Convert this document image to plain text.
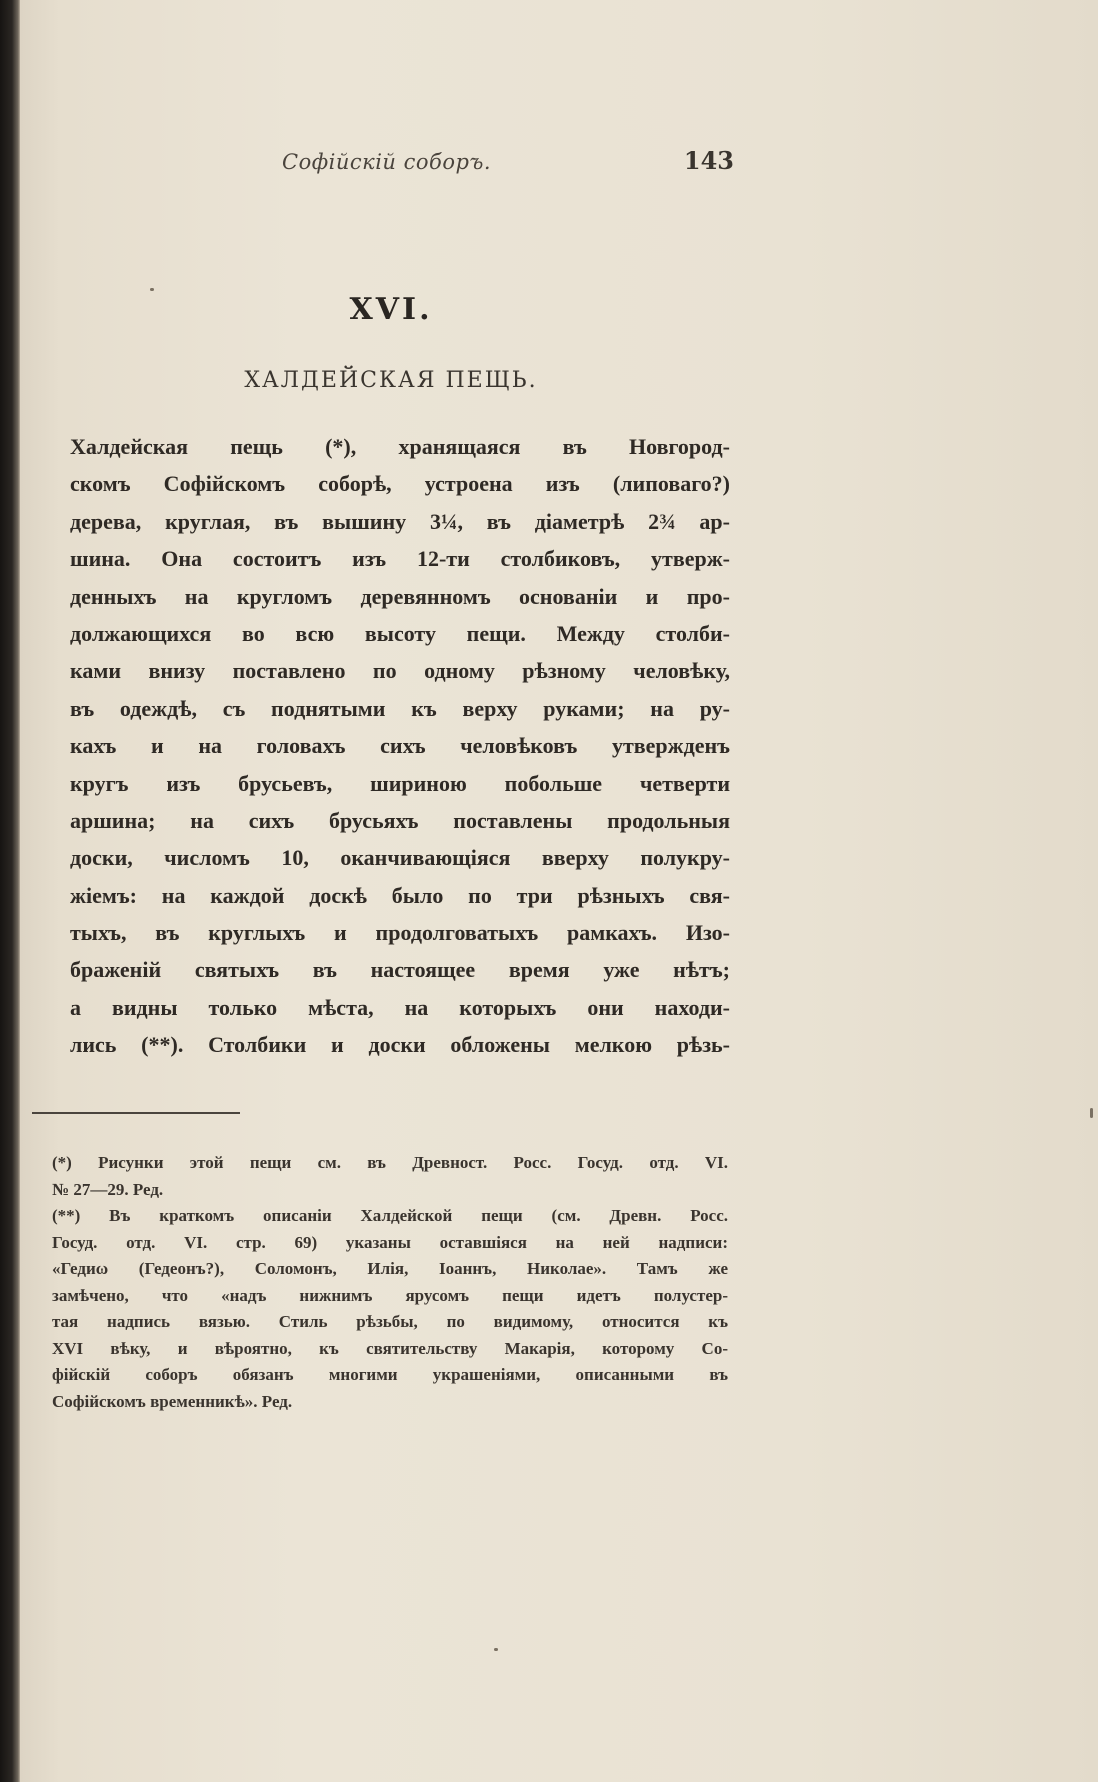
Софійскій соборъ.	143
XVI.
ХАЛДЕЙСКАЯ ПЕЩЬ.
Халдейская пещь (*), хранящаяся въ Новгород-
скомъ Софійскомъ соборѣ, устроена изъ (липоваго?)
дерева, круглая, въ вышину 3¼, въ діаметрѣ 2¾ ар-
шина. Она состоитъ изъ 12-ти столбиковъ, утверж-
денныхъ на кругломъ деревянномъ основаніи и про-
должающихся во всю высоту пещи. Между столби-
ками внизу поставлено по одному рѣзному человѣку,
въ одеждѣ, съ поднятыми къ верху руками; на ру-
кахъ и на головахъ сихъ человѣковъ утвержденъ
кругъ изъ брусьевъ, шириною побольше четверти
аршина; на сихъ брусьяхъ поставлены продольныя
доски, числомъ 10, оканчивающіяся вверху полукру-
жіемъ: на каждой доскѣ было по три рѣзныхъ свя-
тыхъ, въ круглыхъ и продолговатыхъ рамкахъ. Изо-
браженій святыхъ въ настоящее время уже нѣтъ;
а видны только мѣста, на которыхъ они находи-
лись (**). Столбики и доски обложены мелкою рѣзь-
(*) Рисунки этой пещи см. въ Древност. Росс. Госуд. отд. VI.
№ 27—29. Ред.
(**) Въ краткомъ описаніи Халдейской пещи (см. Древн. Росс.
Госуд. отд. VI. стр. 69) указаны оставшіяся на ней надписи:
«Гедиω (Гедеонъ?), Соломонъ, Илія, Іоаннъ, Николае». Тамъ же
замѣчено, что «надъ нижнимъ ярусомъ пещи идетъ полустер-
тая надпись вязью. Стиль рѣзьбы, по видимому, относится къ
XVI вѣку, и вѣроятно, къ святительству Макарія, которому Со-
фійскій соборъ обязанъ многими украшеніями, описанными въ
Софійскомъ временникѣ». Ред.
